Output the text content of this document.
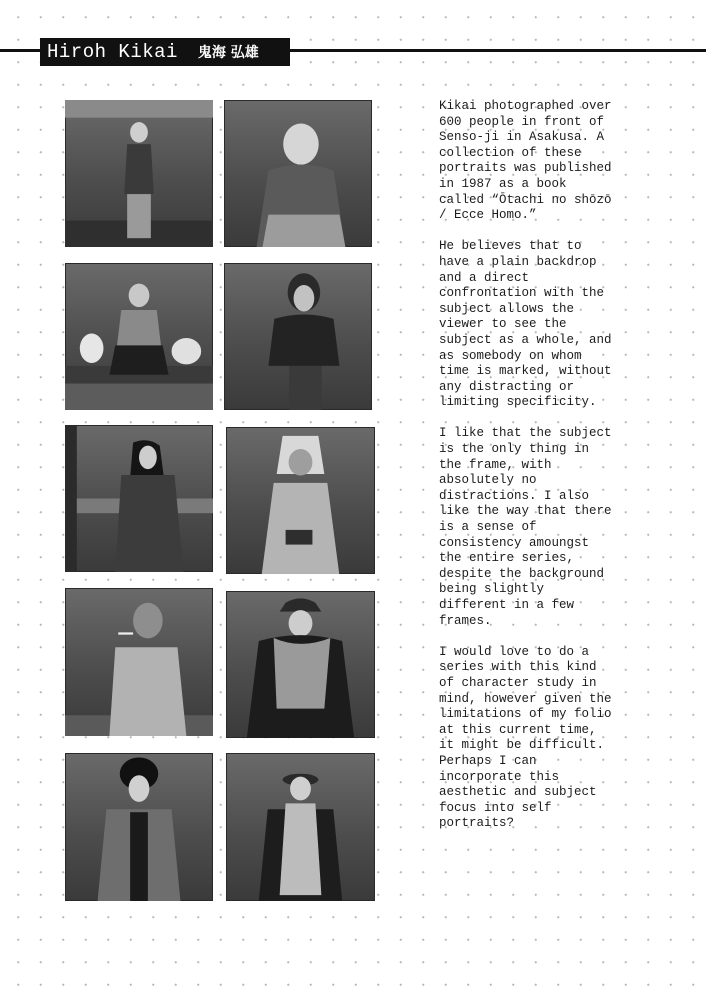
Hiroh Kikai 鬼海 弘雄

Kikai photographed over
600 people in front of
Senso-ji in Asakusa. A
collection of these
portraits was published
in 1987 as a book
called “Ōtachi no shōzō
/ Ecce Homo.”

He believes that to
have a plain backdrop
and a direct
confrontation with the
subject allows the
viewer to see the
subject as a whole, and
as somebody on whom
time is marked, without
any distracting or
limiting specificity.

I like that the subject
is the only thing in
the frame, with
absolutely no
distractions. I also
like the way that there
is a sense of
consistency amoungst
the entire series,
despite the background
being slightly
different in a few
frames.

I would love to do a
series with this kind
of character study in
mind, however given the
limitations of my folio
at this current time,
it might be difficult.
Perhaps I can
incorporate this
aesthetic and subject
focus into self
portraits?
